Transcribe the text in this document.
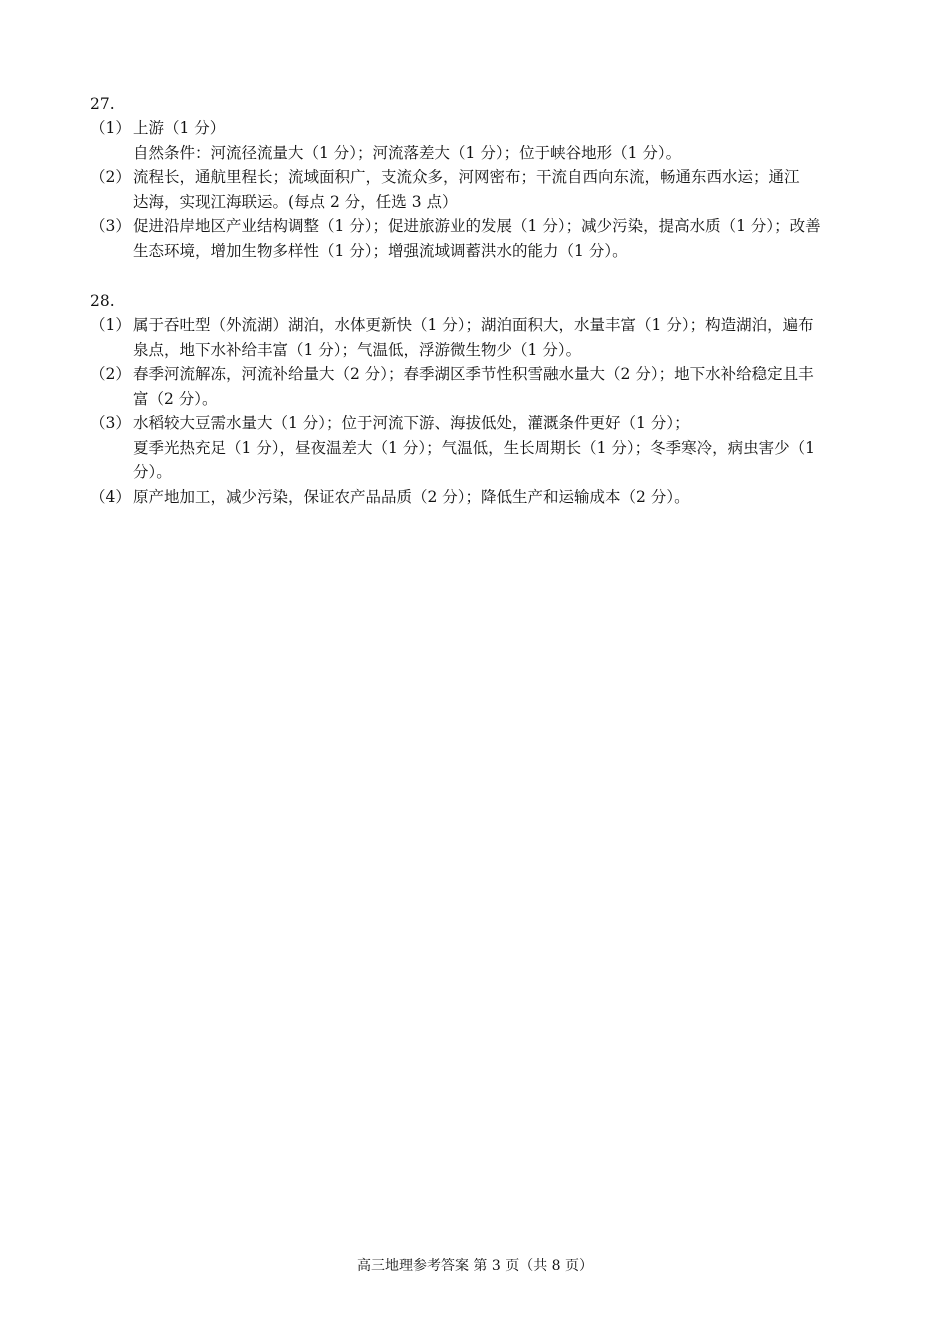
27.

（1） 上游（1 分）
自然条件：河流径流量大（1 分）；河流落差大（1 分）；位于峡谷地形（1 分）。
（2） 流程长，通航里程长；流域面积广，支流众多，河网密布；干流自西向东流，畅通东西水运；通江
达海，实现江海联运。(每点 2 分，任选 3 点）
（3） 促进沿岸地区产业结构调整（1 分）；促进旅游业的发展（1 分）；减少污染，提高水质（1 分）；改善
生态环境，增加生物多样性（1 分）；增强流域调蓄洪水的能力（1 分）。

28.

（1） 属于吞吐型（外流湖）湖泊，水体更新快（1 分）；湖泊面积大，水量丰富（1 分）；构造湖泊，遍布
泉点，地下水补给丰富（1 分）；气温低，浮游微生物少（1 分）。
（2） 春季河流解冻，河流补给量大（2 分）；春季湖区季节性积雪融水量大（2 分）；地下水补给稳定且丰
富（2 分）。
（3） 水稻较大豆需水量大（1 分）；位于河流下游、海拔低处，灌溉条件更好（1 分）；
夏季光热充足（1 分），昼夜温差大（1 分）；气温低，生长周期长（1 分）；冬季寒冷，病虫害少（1
分）。
（4） 原产地加工，减少污染，保证农产品品质（2 分）；降低生产和运输成本（2 分）。
高三地理参考答案 第 3 页（共 8 页）
